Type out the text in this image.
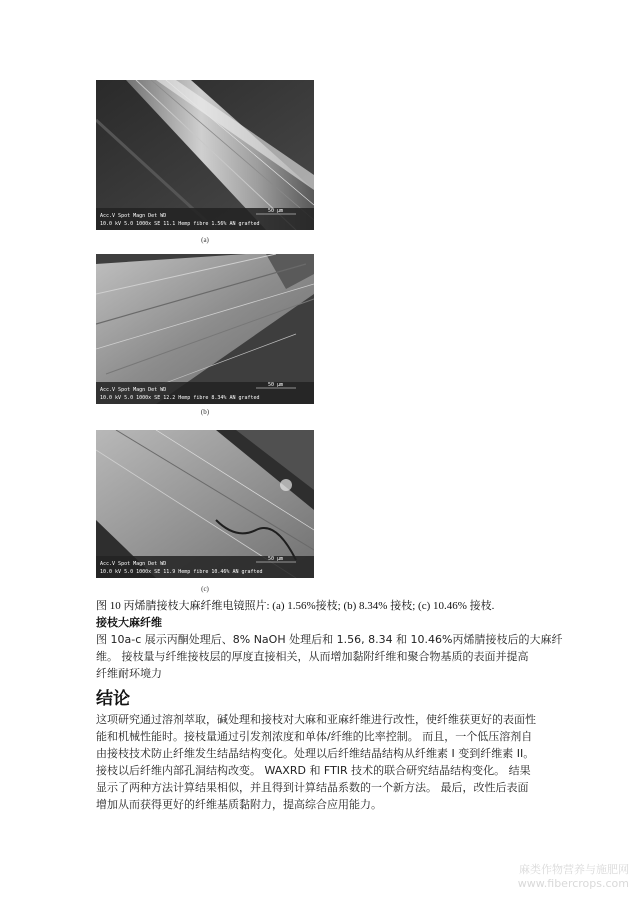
Acc.V Spot Magn Det WD
10.0 kV 5.0 1000x SE 11.1 Hemp fibre 1.56% AN grafted
50 μm
(a)
Acc.V Spot Magn Det WD
10.0 kV 5.0 1000x SE 12.2 Hemp fibre 8.34% AN grafted
50 μm
(b)
Acc.V Spot Magn Det WD
10.0 kV 5.0 1000x SE 11.9 Hemp fibre 10.46% AN grafted
50 μm
(c)
图 10 丙烯腈接枝大麻纤维电镜照片: (a) 1.56%接枝; (b) 8.34% 接枝; (c) 10.46% 接枝.
接枝大麻纤维
图 10a-c 展示丙酮处理后、8% NaOH 处理后和 1.56, 8.34 和 10.46%丙烯腈接枝后的大麻纤
维。 接枝量与纤维接枝层的厚度直接相关，从而增加黏附纤维和聚合物基质的表面并提高
纤维耐环境力
结论
这项研究通过溶剂萃取，碱处理和接枝对大麻和亚麻纤维进行改性，使纤维获更好的表面性
能和机械性能时。接枝量通过引发剂浓度和单体/纤维的比率控制。 而且，一个低压溶剂自
由接枝技术防止纤维发生结晶结构变化。处理以后纤维结晶结构从纤维素 I 变到纤维素 II。
接枝以后纤维内部孔洞结构改变。 WAXRD 和 FTIR 技术的联合研究结晶结构变化。 结果
显示了两种方法计算结果相似，并且得到计算结晶系数的一个新方法。 最后，改性后表面
增加从而获得更好的纤维基质黏附力，提高综合应用能力。
麻类作物营养与施肥网
www.fibercrops.com
